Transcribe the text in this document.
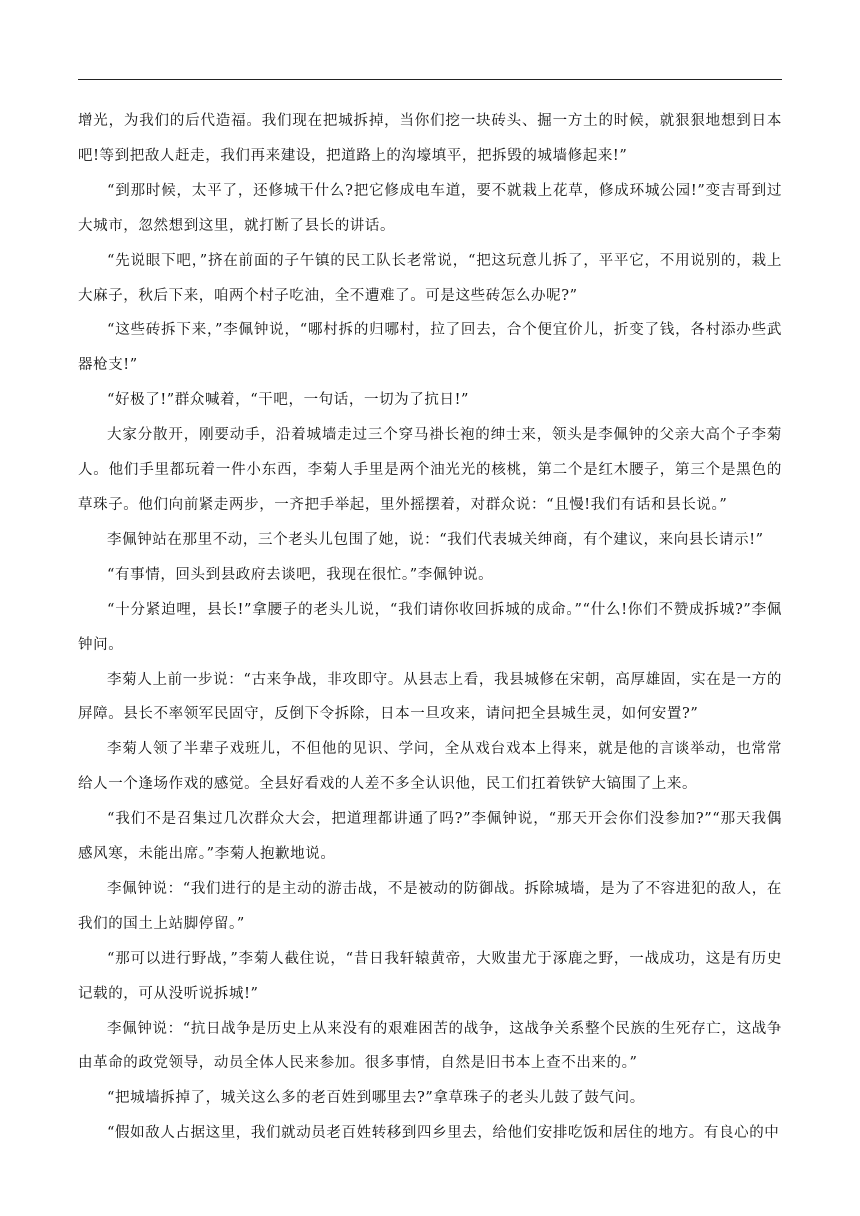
增光，为我们的后代造福。我们现在把城拆掉，当你们挖一块砖头、掘一方土的时候，就狠狠地想到日本吧!等到把敌人赶走，我们再来建设，把道路上的沟壕填平，把拆毁的城墙修起来!”

“到那时候，太平了，还修城干什么?把它修成电车道，要不就栽上花草，修成环城公园!”变吉哥到过大城市，忽然想到这里，就打断了县长的讲话。

“先说眼下吧，”挤在前面的子午镇的民工队长老常说，“把这玩意儿拆了，平平它，不用说别的，栽上大麻子，秋后下来，咱两个村子吃油，全不遭难了。可是这些砖怎么办呢?”

“这些砖拆下来，”李佩钟说，“哪村拆的归哪村，拉了回去，合个便宜价儿，折变了钱，各村添办些武器枪支!”

“好极了!”群众喊着，“干吧，一句话，一切为了抗日!”

大家分散开，刚要动手，沿着城墙走过三个穿马褂长袍的绅士来，领头是李佩钟的父亲大高个子李菊人。他们手里都玩着一件小东西，李菊人手里是两个油光光的核桃，第二个是红木腰子，第三个是黑色的草珠子。他们向前紧走两步，一齐把手举起，里外摇摆着，对群众说：“且慢!我们有话和县长说。”

李佩钟站在那里不动，三个老头儿包围了她，说：“我们代表城关绅商，有个建议，来向县长请示!”

“有事情，回头到县政府去谈吧，我现在很忙。”李佩钟说。

“十分紧迫哩，县长!”拿腰子的老头儿说，“我们请你收回拆城的成命。”“什么!你们不赞成拆城?”李佩钟问。

李菊人上前一步说：“古来争战，非攻即守。从县志上看，我县城修在宋朝，高厚雄固，实在是一方的屏障。县长不率领军民固守，反倒下令拆除，日本一旦攻来，请问把全县城生灵，如何安置?”

李菊人领了半辈子戏班儿，不但他的见识、学问，全从戏台戏本上得来，就是他的言谈举动，也常常给人一个逢场作戏的感觉。全县好看戏的人差不多全认识他，民工们扛着铁铲大镐围了上来。

“我们不是召集过几次群众大会，把道理都讲通了吗?”李佩钟说，“那天开会你们没参加?”“那天我偶感风寒，未能出席。”李菊人抱歉地说。

李佩钟说：“我们进行的是主动的游击战，不是被动的防御战。拆除城墙，是为了不容进犯的敌人，在我们的国土上站脚停留。”

“那可以进行野战，”李菊人截住说，“昔日我轩辕黄帝，大败蚩尤于涿鹿之野，一战成功，这是有历史记载的，可从没听说拆城!”

李佩钟说：“抗日战争是历史上从来没有的艰难困苦的战争，这战争关系整个民族的生死存亡，这战争由革命的政党领导，动员全体人民来参加。很多事情，自然是旧书本上查不出来的。”

“把城墙拆掉了，城关这么多的老百姓到哪里去?”拿草珠子的老头儿鼓了鼓气问。

“假如敌人占据这里，我们就动员老百姓转移到四乡里去，给他们安排吃饭和居住的地方。有良心的中
